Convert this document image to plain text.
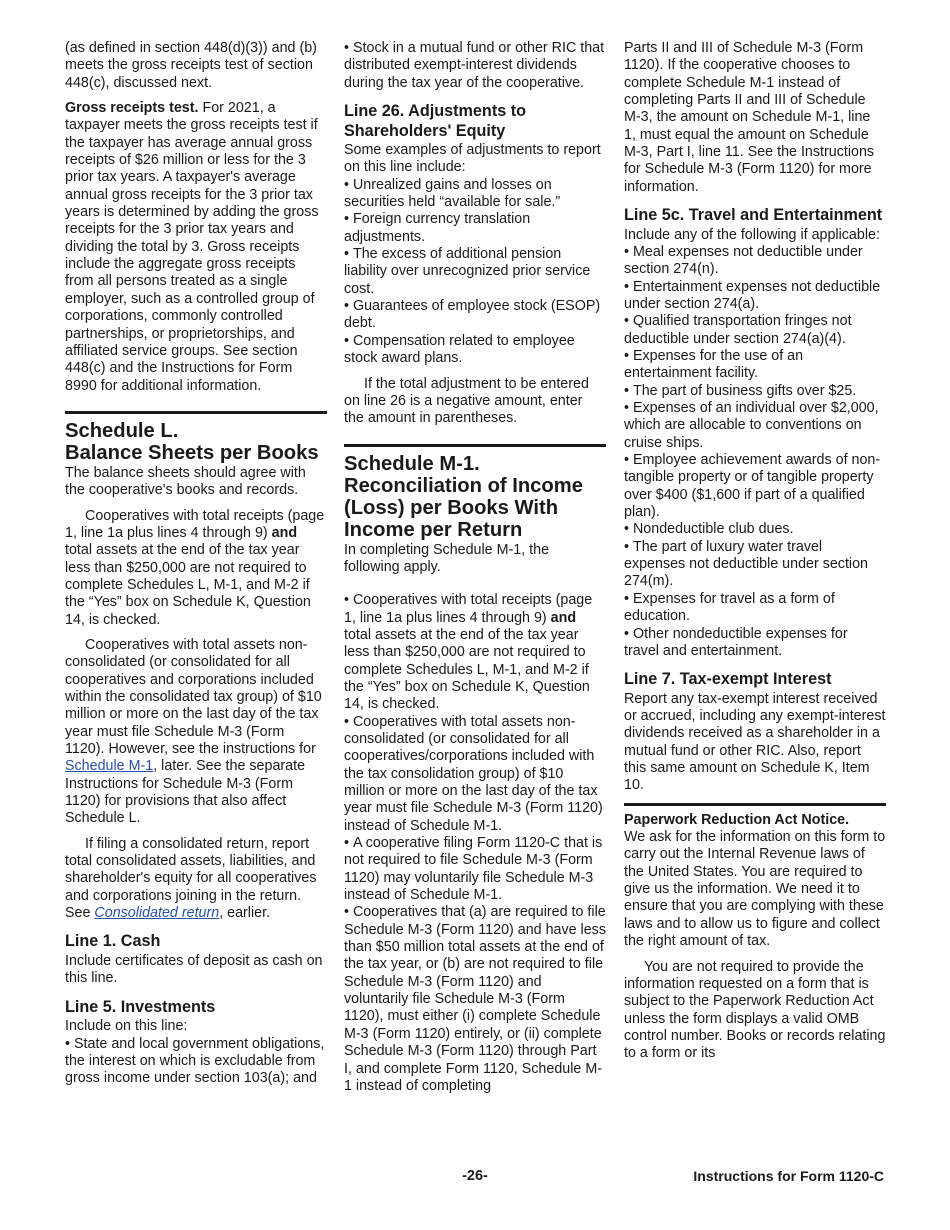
(as defined in section 448(d)(3)) and (b) meets the gross receipts test of section 448(c), discussed next.

Gross receipts test. For 2021, a taxpayer meets the gross receipts test if the taxpayer has average annual gross receipts of $26 million or less for the 3 prior tax years. A taxpayer's average annual gross receipts for the 3 prior tax years is determined by adding the gross receipts for the 3 prior tax years and dividing the total by 3. Gross receipts include the aggregate gross receipts from all persons treated as a single employer, such as a controlled group of corporations, commonly controlled partnerships, or proprietorships, and affiliated service groups. See section 448(c) and the Instructions for Form 8990 for additional information.

Schedule L.
Balance Sheets per Books

The balance sheets should agree with the cooperative's books and records.

Cooperatives with total receipts (page 1, line 1a plus lines 4 through 9) and total assets at the end of the tax year less than $250,000 are not required to complete Schedules L, M-1, and M-2 if the “Yes” box on Schedule K, Question 14, is checked.

Cooperatives with total assets non-consolidated (or consolidated for all cooperatives and corporations included within the consolidated tax group) of $10 million or more on the last day of the tax year must file Schedule M-3 (Form 1120). However, see the instructions for Schedule M-1, later. See the separate Instructions for Schedule M-3 (Form 1120) for provisions that also affect Schedule L.

If filing a consolidated return, report total consolidated assets, liabilities, and shareholder's equity for all cooperatives and corporations joining in the return. See Consolidated return, earlier.

Line 1. Cash

Include certificates of deposit as cash on this line.

Line 5. Investments

Include on this line:

• State and local government obligations, the interest on which is excludable from gross income under section 103(a); and

• Stock in a mutual fund or other RIC that distributed exempt-interest dividends during the tax year of the cooperative.

Line 26. Adjustments to Shareholders' Equity

Some examples of adjustments to report on this line include:

• Unrealized gains and losses on securities held “available for sale.”

• Foreign currency translation adjustments.

• The excess of additional pension liability over unrecognized prior service cost.

• Guarantees of employee stock (ESOP) debt.

• Compensation related to employee stock award plans.

If the total adjustment to be entered on line 26 is a negative amount, enter the amount in parentheses.

Schedule M-1. Reconciliation of Income (Loss) per Books With Income per Return

In completing Schedule M-1, the following apply.

• Cooperatives with total receipts (page 1, line 1a plus lines 4 through 9) and total assets at the end of the tax year less than $250,000 are not required to complete Schedules L, M-1, and M-2 if the “Yes” box on Schedule K, Question 14, is checked.

• Cooperatives with total assets non-consolidated (or consolidated for all cooperatives/corporations included with the tax consolidation group) of $10 million or more on the last day of the tax year must file Schedule M-3 (Form 1120) instead of Schedule M-1.

• A cooperative filing Form 1120-C that is not required to file Schedule M-3 (Form 1120) may voluntarily file Schedule M-3 instead of Schedule M-1.

• Cooperatives that (a) are required to file Schedule M-3 (Form 1120) and have less than $50 million total assets at the end of the tax year, or (b) are not required to file Schedule M-3 (Form 1120) and voluntarily file Schedule M-3 (Form 1120), must either (i) complete Schedule M-3 (Form 1120) entirely, or (ii) complete Schedule M-3 (Form 1120) through Part I, and complete Form 1120, Schedule M-1 instead of completing

Parts II and III of Schedule M-3 (Form 1120). If the cooperative chooses to complete Schedule M-1 instead of completing Parts II and III of Schedule M-3, the amount on Schedule M-1, line 1, must equal the amount on Schedule M-3, Part I, line 11. See the Instructions for Schedule M-3 (Form 1120) for more information.

Line 5c. Travel and Entertainment

Include any of the following if applicable:

• Meal expenses not deductible under section 274(n).

• Entertainment expenses not deductible under section 274(a).

• Qualified transportation fringes not deductible under section 274(a)(4).

• Expenses for the use of an entertainment facility.

• The part of business gifts over $25.

• Expenses of an individual over $2,000, which are allocable to conventions on cruise ships.

• Employee achievement awards of non-tangible property or of tangible property over $400 ($1,600 if part of a qualified plan).

• Nondeductible club dues.

• The part of luxury water travel expenses not deductible under section 274(m).

• Expenses for travel as a form of education.

• Other nondeductible expenses for travel and entertainment.

Line 7. Tax-exempt Interest

Report any tax-exempt interest received or accrued, including any exempt-interest dividends received as a shareholder in a mutual fund or other RIC. Also, report this same amount on Schedule K, Item 10.

Paperwork Reduction Act Notice.

We ask for the information on this form to carry out the Internal Revenue laws of the United States. You are required to give us the information. We need it to ensure that you are complying with these laws and to allow us to figure and collect the right amount of tax.

You are not required to provide the information requested on a form that is subject to the Paperwork Reduction Act unless the form displays a valid OMB control number. Books or records relating to a form or its

-26-	Instructions for Form 1120-C
